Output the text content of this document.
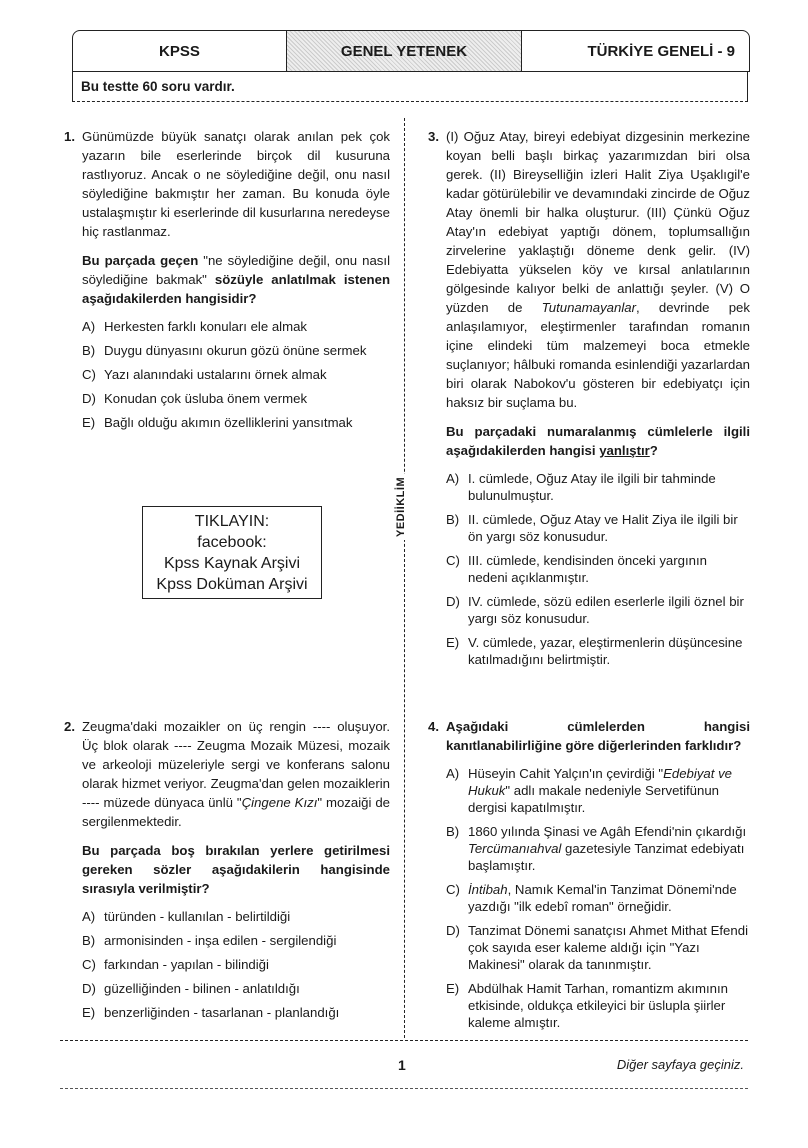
KPSS	GENEL YETENEK	TÜRKİYE GENELİ - 9
Bu testte 60 soru vardır.
YEDİİKLİM
1. Günümüzde büyük sanatçı olarak anılan pek çok yazarın bile eserlerinde birçok dil kusuruna rastlıyoruz. Ancak o ne söylediğine değil, onu nasıl söylediğine bakmıştır her zaman. Bu konuda öyle ustalaşmıştır ki eserlerinde dil kusurlarına neredeyse hiç rastlanmaz.

Bu parçada geçen "ne söylediğine değil, onu nasıl söylediğine bakmak" sözüyle anlatılmak istenen aşağıdakilerden hangisidir?

A) Herkesten farklı konuları ele almak
B) Duygu dünyasını okurun gözü önüne sermek
C) Yazı alanındaki ustalarını örnek almak
D) Konudan çok üsluba önem vermek
E) Bağlı olduğu akımın özelliklerini yansıtmak
TIKLAYIN:
facebook:
Kpss Kaynak Arşivi
Kpss Doküman Arşivi
2. Zeugma'daki mozaikler on üç rengin ---- oluşuyor. Üç blok olarak ---- Zeugma Mozaik Müzesi, mozaik ve arkeoloji müzeleriyle sergi ve konferans salonu olarak hizmet veriyor. Zeugma'dan gelen mozaiklerin ---- müzede dünyaca ünlü "Çingene Kızı" mozaiği de sergilenmektedir.

Bu parçada boş bırakılan yerlere getirilmesi gereken sözler aşağıdakilerin hangisinde sırasıyla verilmiştir?

A) türünden - kullanılan - belirtildiği
B) armonisinden - inşa edilen - sergilendiği
C) farkından - yapılan - bilindiği
D) güzelliğinden - bilinen - anlatıldığı
E) benzerliğinden - tasarlanan - planlandığı
3. (I) Oğuz Atay, bireyi edebiyat dizgesinin merkezine koyan belli başlı birkaç yazarımızdan biri olsa gerek. (II) Bireyselliğin izleri Halit Ziya Uşaklıgil'e kadar götürülebilir ve devamındaki zincirde de Oğuz Atay önemli bir halka oluşturur. (III) Çünkü Oğuz Atay'ın edebiyat yaptığı dönem, toplumsallığın zirvelerine yaklaştığı döneme denk gelir. (IV) Edebiyatta yükselen köy ve kırsal anlatılarının gölgesinde kalıyor belki de anlattığı şeyler. (V) O yüzden de Tutunamayanlar, devrinde pek anlaşılamıyor, eleştirmenler tarafından romanın içine elindeki tüm malzemeyi boca etmekle suçlanıyor; hâlbuki romanda esinlendiği yazarlardan biri olarak Nabokov'u gösteren bir edebiyatçı için haksız bir suçlama bu.

Bu parçadaki numaralanmış cümlelerle ilgili aşağıdakilerden hangisi yanlıştır?

A) I. cümlede, Oğuz Atay ile ilgili bir tahminde bulunulmuştur.
B) II. cümlede, Oğuz Atay ve Halit Ziya ile ilgili bir ön yargı söz konusudur.
C) III. cümlede, kendisinden önceki yargının nedeni açıklanmıştır.
D) IV. cümlede, sözü edilen eserlerle ilgili öznel bir yargı söz konusudur.
E) V. cümlede, yazar, eleştirmenlerin düşüncesine katılmadığını belirtmiştir.
4. Aşağıdaki cümlelerden hangisi kanıtlanabilirliğine göre diğerlerinden farklıdır?

A) Hüseyin Cahit Yalçın'ın çevirdiği "Edebiyat ve Hukuk" adlı makale nedeniyle Servetifünun dergisi kapatılmıştır.
B) 1860 yılında Şinasi ve Agâh Efendi'nin çıkardığı Tercümanıahval gazetesiyle Tanzimat edebiyatı başlamıştır.
C) İntibah, Namık Kemal'in Tanzimat Dönemi'nde yazdığı "ilk edebî roman" örneğidir.
D) Tanzimat Dönemi sanatçısı Ahmet Mithat Efendi çok sayıda eser kaleme aldığı için "Yazı Makinesi" olarak da tanınmıştır.
E) Abdülhak Hamit Tarhan, romantizm akımının etkisinde, oldukça etkileyici bir üslupla şiirler kaleme almıştır.
1	Diğer sayfaya geçiniz.
